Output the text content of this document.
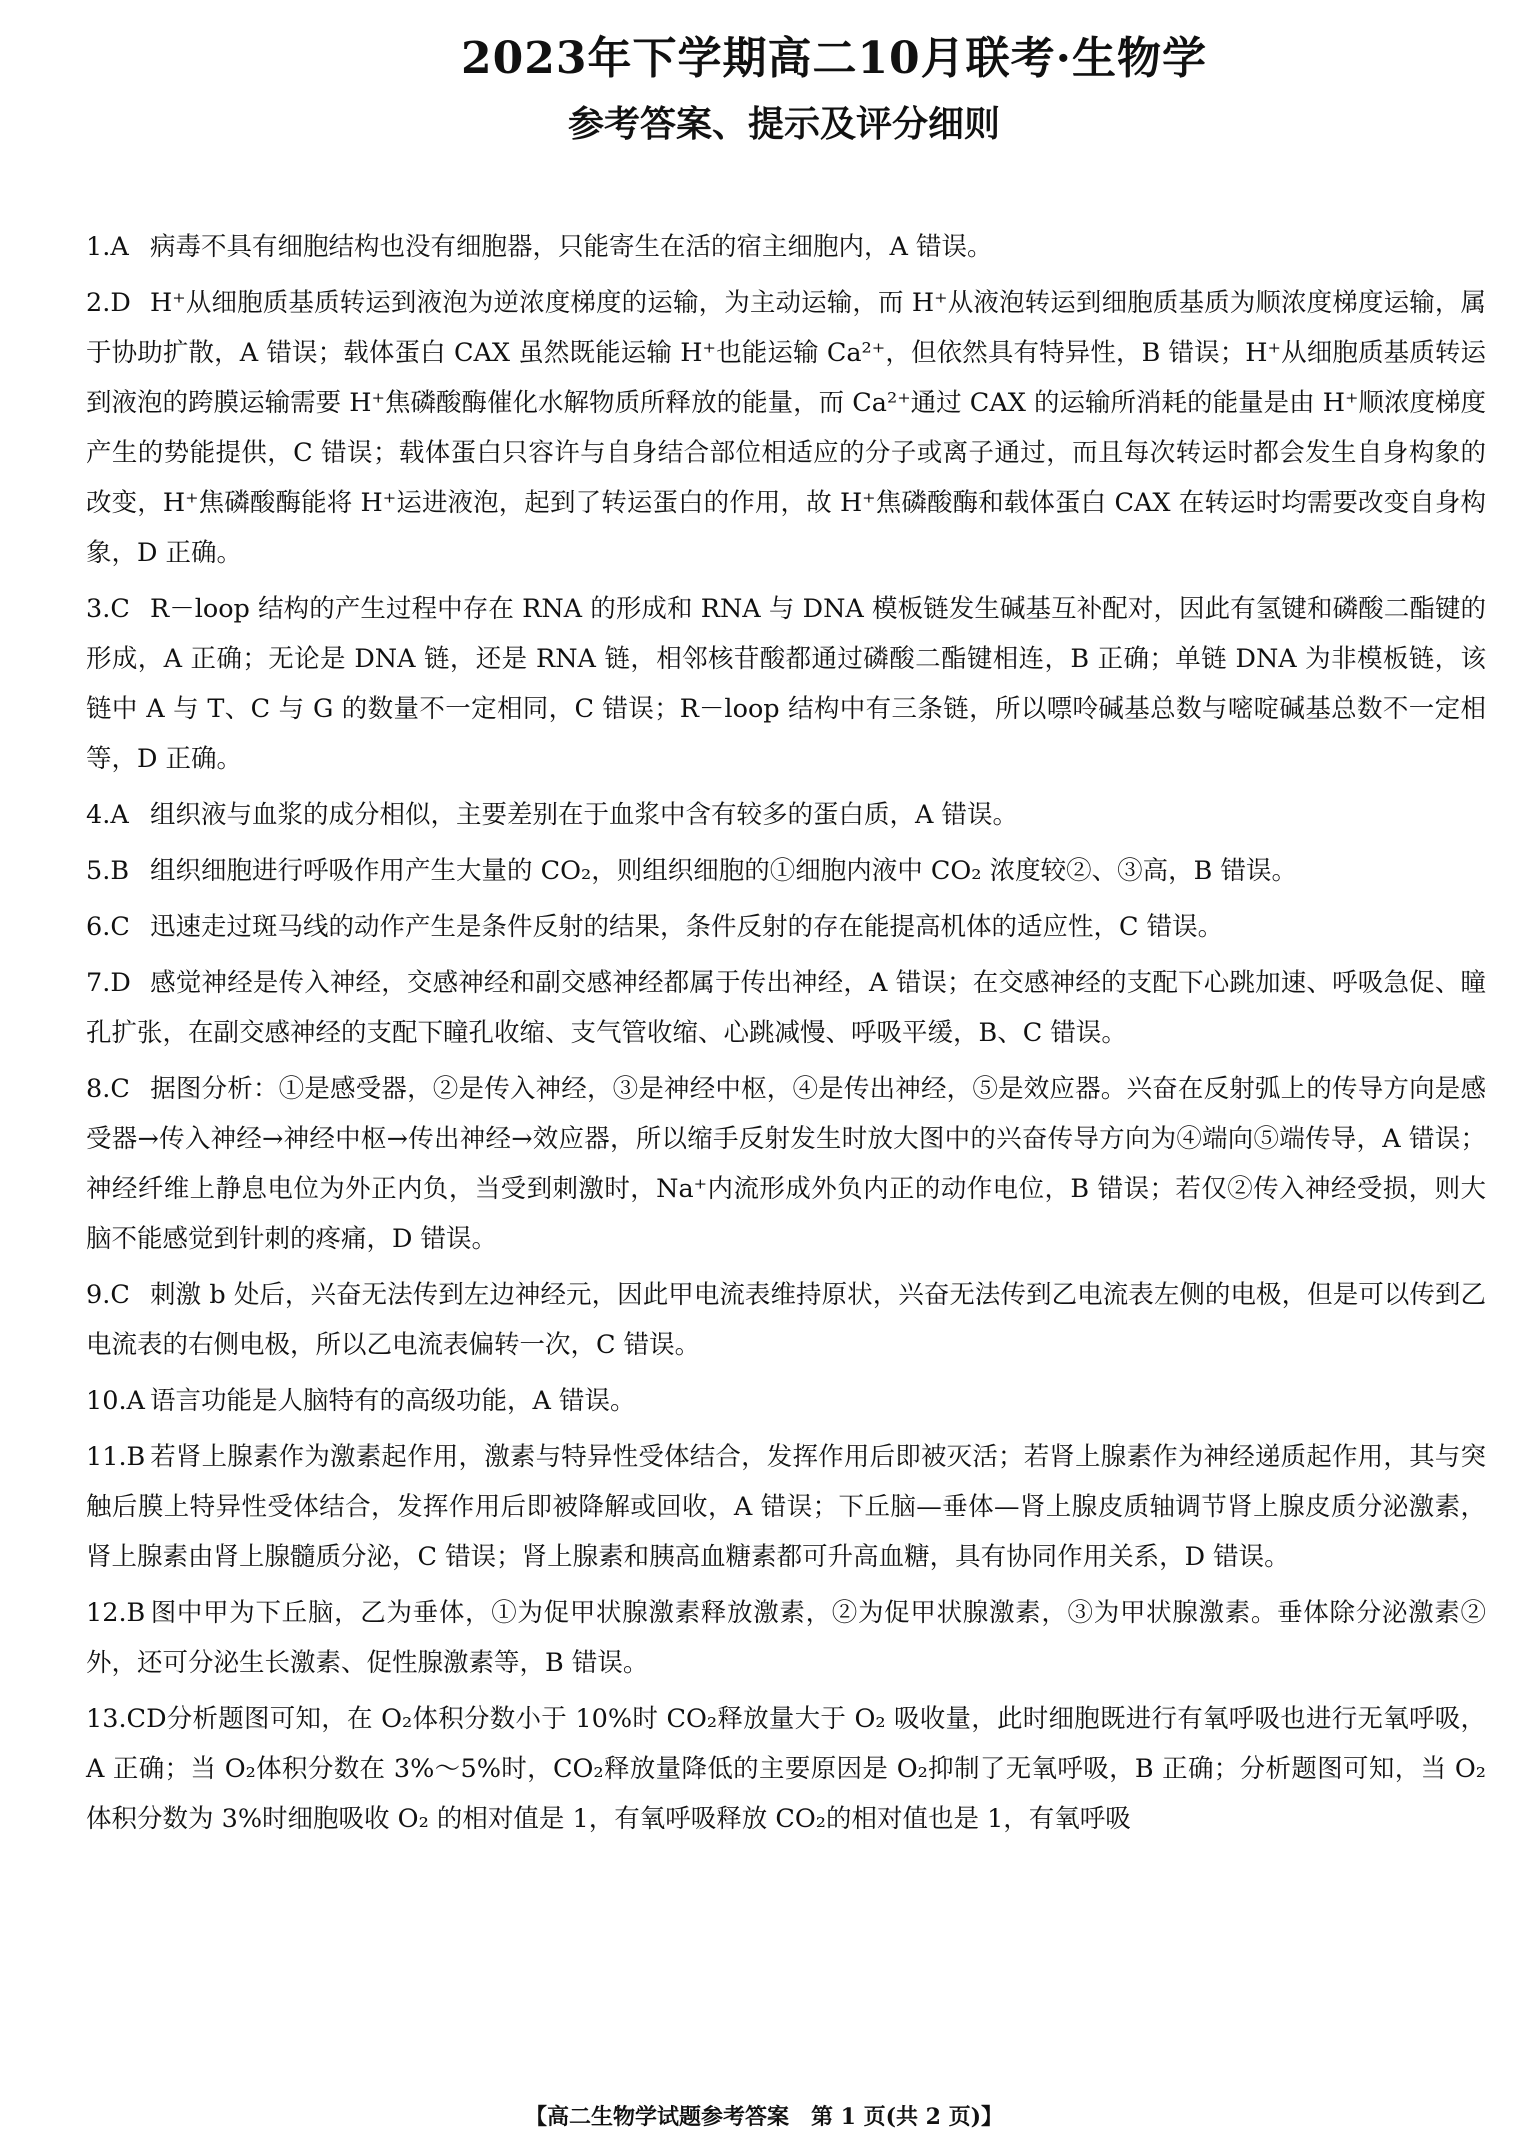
2023年下学期高二10月联考·生物学
参考答案、提示及评分细则
1.A 病毒不具有细胞结构也没有细胞器，只能寄生在活的宿主细胞内，A 错误。
2.D H⁺从细胞质基质转运到液泡为逆浓度梯度的运输，为主动运输，而 H⁺从液泡转运到细胞质基质为顺浓度梯度运输，属于协助扩散，A 错误；载体蛋白 CAX 虽然既能运输 H⁺也能运输 Ca²⁺，但依然具有特异性，B 错误；H⁺从细胞质基质转运到液泡的跨膜运输需要 H⁺焦磷酸酶催化水解物质所释放的能量，而 Ca²⁺通过 CAX 的运输所消耗的能量是由 H⁺顺浓度梯度产生的势能提供，C 错误；载体蛋白只容许与自身结合部位相适应的分子或离子通过，而且每次转运时都会发生自身构象的改变，H⁺焦磷酸酶能将 H⁺运进液泡，起到了转运蛋白的作用，故 H⁺焦磷酸酶和载体蛋白 CAX 在转运时均需要改变自身构象，D 正确。
3.C R－loop 结构的产生过程中存在 RNA 的形成和 RNA 与 DNA 模板链发生碱基互补配对，因此有氢键和磷酸二酯键的形成，A 正确；无论是 DNA 链，还是 RNA 链，相邻核苷酸都通过磷酸二酯键相连，B 正确；单链 DNA 为非模板链，该链中 A 与 T、C 与 G 的数量不一定相同，C 错误；R－loop 结构中有三条链，所以嘌呤碱基总数与嘧啶碱基总数不一定相等，D 正确。
4.A 组织液与血浆的成分相似，主要差别在于血浆中含有较多的蛋白质，A 错误。
5.B 组织细胞进行呼吸作用产生大量的 CO₂，则组织细胞的①细胞内液中 CO₂ 浓度较②、③高，B 错误。
6.C 迅速走过斑马线的动作产生是条件反射的结果，条件反射的存在能提高机体的适应性，C 错误。
7.D 感觉神经是传入神经，交感神经和副交感神经都属于传出神经，A 错误；在交感神经的支配下心跳加速、呼吸急促、瞳孔扩张，在副交感神经的支配下瞳孔收缩、支气管收缩、心跳减慢、呼吸平缓，B、C 错误。
8.C 据图分析：①是感受器，②是传入神经，③是神经中枢，④是传出神经，⑤是效应器。兴奋在反射弧上的传导方向是感受器→传入神经→神经中枢→传出神经→效应器，所以缩手反射发生时放大图中的兴奋传导方向为④端向⑤端传导，A 错误；神经纤维上静息电位为外正内负，当受到刺激时，Na⁺内流形成外负内正的动作电位，B 错误；若仅②传入神经受损，则大脑不能感觉到针刺的疼痛，D 错误。
9.C 刺激 b 处后，兴奋无法传到左边神经元，因此甲电流表维持原状，兴奋无法传到乙电流表左侧的电极，但是可以传到乙电流表的右侧电极，所以乙电流表偏转一次，C 错误。
10.A 语言功能是人脑特有的高级功能，A 错误。
11.B 若肾上腺素作为激素起作用，激素与特异性受体结合，发挥作用后即被灭活；若肾上腺素作为神经递质起作用，其与突触后膜上特异性受体结合，发挥作用后即被降解或回收，A 错误；下丘脑—垂体—肾上腺皮质轴调节肾上腺皮质分泌激素，肾上腺素由肾上腺髓质分泌，C 错误；肾上腺素和胰高血糖素都可升高血糖，具有协同作用关系，D 错误。
12.B 图中甲为下丘脑，乙为垂体，①为促甲状腺激素释放激素，②为促甲状腺激素，③为甲状腺激素。垂体除分泌激素②外，还可分泌生长激素、促性腺激素等，B 错误。
13.CD分析题图可知，在 O₂体积分数小于 10%时 CO₂释放量大于 O₂ 吸收量，此时细胞既进行有氧呼吸也进行无氧呼吸，A 正确；当 O₂体积分数在 3%～5%时，CO₂释放量降低的主要原因是 O₂抑制了无氧呼吸，B 正确；分析题图可知，当 O₂体积分数为 3%时细胞吸收 O₂ 的相对值是 1，有氧呼吸释放 CO₂的相对值也是 1，有氧呼吸
【高二生物学试题参考答案　第 1 页(共 2 页)】
